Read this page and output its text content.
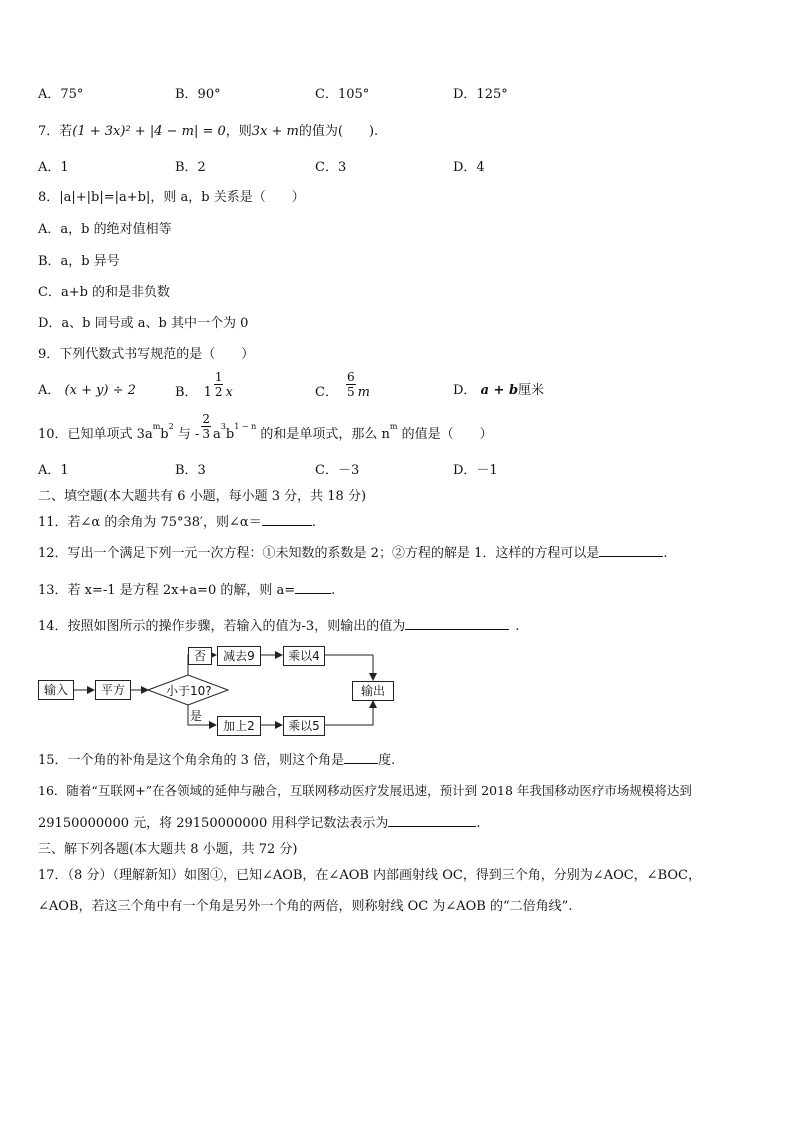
A．75°	B．90°	C．105°	D．125°
7．若(1 + 3x)² + |4 − m| = 0，则3x + m的值为(　　).
A．1	B．2	C．3	D．4
8．|a|+|b|=|a+b|，则 a，b 关系是（　　）
A．a，b 的绝对值相等
B．a，b 异号
C．a+b 的和是非负数
D．a、b 同号或 a、b 其中一个为 0
9．下列代数式书写规范的是（　　）
A． (x + y) ÷ 2	B． $1 \frac{1}{2}$ x	C． $\frac{6}{5}$ m	D． a + b厘米
10．已知单项式 $3a^mb^2$ 与 - $\frac{2}{3} a^3b^{1 - n}$ 的和是单项式，那么 $n^m$ 的值是（　　）
A．1	B．3	C．－3	D．－1
二、填空题(本大题共有 6 小题，每小题 3 分，共 18 分)
11．若∠α 的余角为 75°38′，则∠α＝	.
12．写出一个满足下列一元一次方程：①未知数的系数是 2；②方程的解是 1．这样的方程可以是	.
13．若 x=-1 是方程 2x+a=0 的解，则 a=	.
14．按照如图所示的操作步骤，若输入的值为-3，则输出的值为	.
输入	平方	小于10?
否
是
减去9	乘以4
加上2	乘以5
输出
15．一个角的补角是这个角余角的 3 倍，则这个角是	度.
16．随着“互联网+”在各领域的延伸与融合，互联网移动医疗发展迅速，预计到 2018 年我国移动医疗市场规模将达到
29150000000 元，将 29150000000 用科学记数法表示为	.
三、解下列各题(本大题共 8 小题，共 72 分)
17．（8 分）（理解新知）如图①，已知∠AOB，在∠AOB 内部画射线 OC，得到三个角，分别为∠AOC，∠BOC，
∠AOB，若这三个角中有一个角是另外一个角的两倍，则称射线 OC 为∠AOB 的“二倍角线”.
